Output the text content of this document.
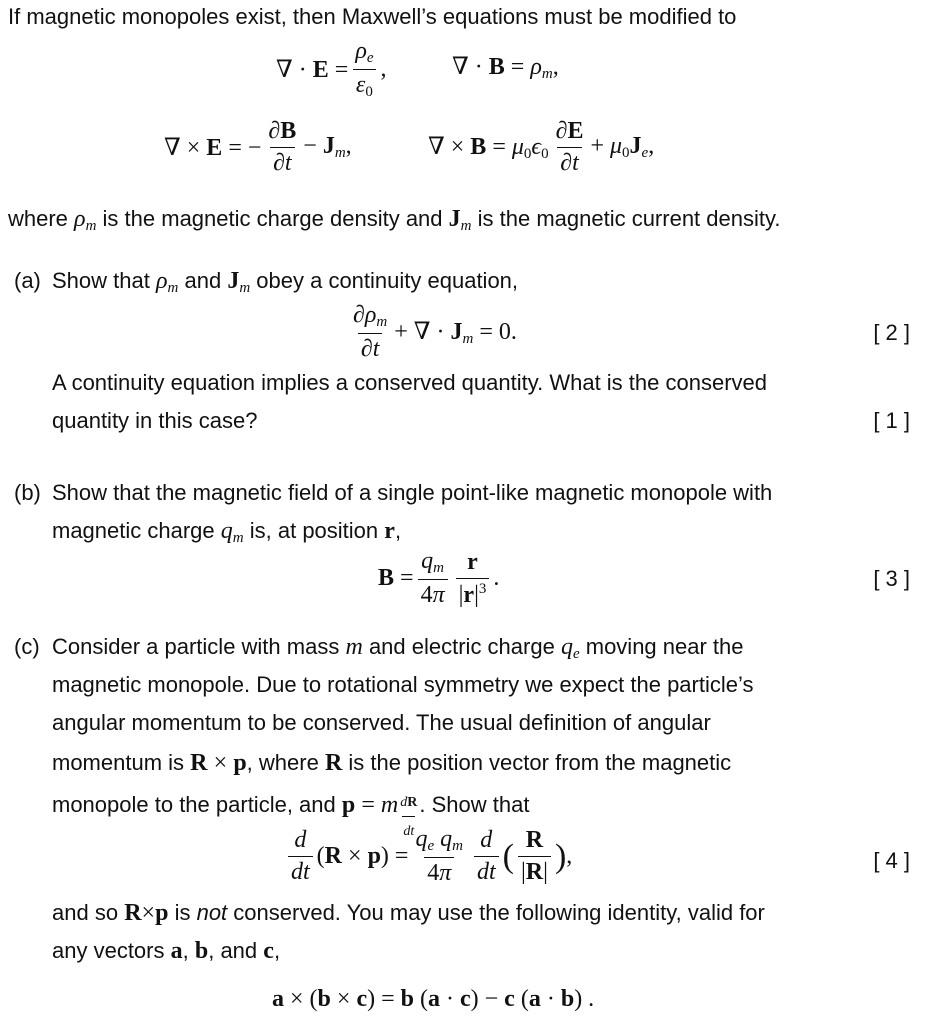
If magnetic monopoles exist, then Maxwell’s equations must be modified to
∇ · $E = \frac{\rho_e}{\varepsilon_0}$ ,	∇ · $B = \rho_m$,
∇ × E = − $\frac{\partial B}{\partial t} - J_m$,	∇ × $B = \mu_0\epsilon_0 \frac{\partial E}{\partial t} + \mu_0J_e$,
where $\rho_m$ is the magnetic charge density and $J_m$ is the magnetic current density.
(a) Show that $\rho_m$ and $J_m$ obey a continuity equation,
$\frac{\partial\rho_m}{\partial t}$ + ∇ · $J_m = 0$.	[ 2 ]
A continuity equation implies a conserved quantity. What is the conserved
quantity in this case?	[ 1 ]
(b) Show that the magnetic field of a single point-like magnetic monopole with
magnetic charge $q_m$ is, at position r,
$B = \frac{q_m}{4\pi} \frac{r}{|r|^3}$ .	[ 3 ]
(c) Consider a particle with mass m and electric charge $q_e$ moving near the
magnetic monopole. Due to rotational symmetry we expect the particle’s
angular momentum to be conserved. The usual definition of angular
momentum is R × p, where R is the position vector from the magnetic
monopole to the particle, and p = m $\frac{dR}{dt}$ . Show that
$\frac{d}{dt} (R \times p) = \frac{q_e q_m}{4\pi} \frac{d}{dt}$ ( $\frac{R}{|R|}$ ) ,	[ 4 ]
and so R×p is not conserved. You may use the following identity, valid for
any vectors a, b, and c,
a × (b × c) = b (a · c) − c (a · b) .
